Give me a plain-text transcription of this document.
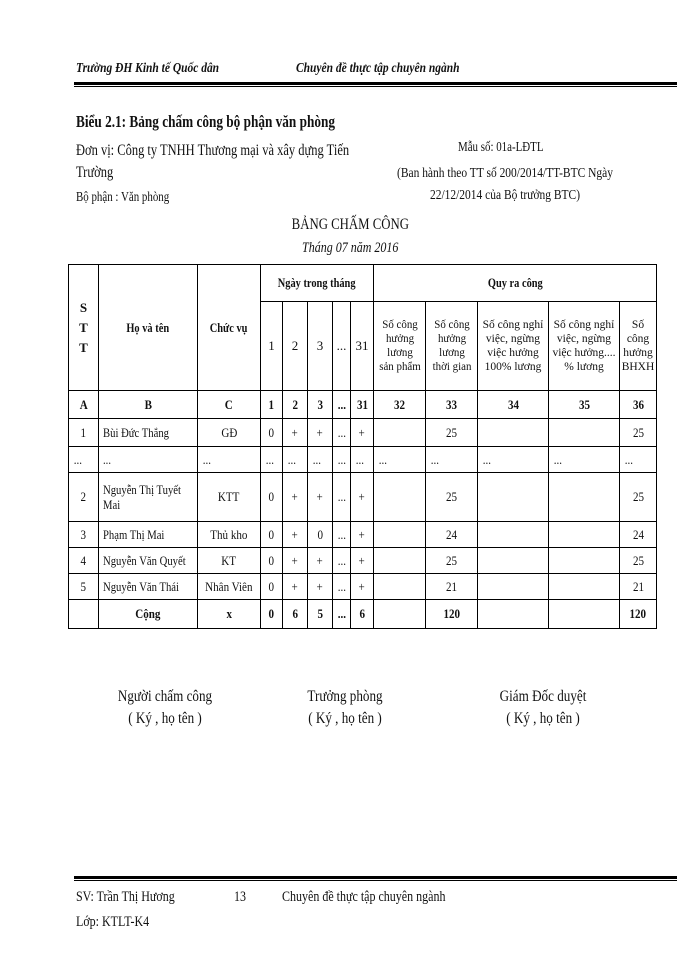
Trường ĐH Kinh tế Quốc dân	Chuyên đề thực tập chuyên ngành
Biểu 2.1: Bảng chấm công bộ phận văn phòng
Đơn vị: Công ty TNHH Thương mại và xây dựng Tiến
Trường
Bộ phận : Văn phòng
Mẫu số: 01a-LĐTL
(Ban hành theo TT số 200/2014/TT-BTC Ngày 22/12/2014 của Bộ trưởng BTC)
BẢNG CHẤM CÔNG
Tháng 07 năm 2016
S T T	Họ và tên	Chức vụ	Ngày trong tháng					Quy ra công				
			1	2	3	...	31	Số công hưởng lương sản phẩm	Số công hưởng lương thời gian	Số công nghỉ việc, ngừng việc hưởng 100% lương	Số công nghỉ việc, ngừng việc hưởng.... % lương	Số công hưởng BHXH

A	B	C	1	2	3	...	31	32	33	34	35	36
1	Bùi Đức Thắng	GĐ	0	+	+	...	+		25			25
...	...	...	...	...	...	...	...	...	...	...	...	...
2	Nguyễn Thị Tuyết Mai	KTT	0	+	+	...	+		25			25
3	Phạm Thị Mai	Thủ kho	0	+	0	...	+		24			24
4	Nguyễn Văn Quyết	KT	0	+	+	...	+		25			25
5	Nguyễn Văn Thái	Nhân Viên	0	+	+	...	+		21			21
	Cộng	x	0	6	5	...	6		120			120
Người chấm công
( Ký , họ tên )
Trưởng phòng
( Ký , họ tên )
Giám Đốc duyệt
( Ký , họ tên )
SV: Trần Thị Hương	13 Chuyên đề thực tập chuyên ngành
Lớp: KTLT-K4
